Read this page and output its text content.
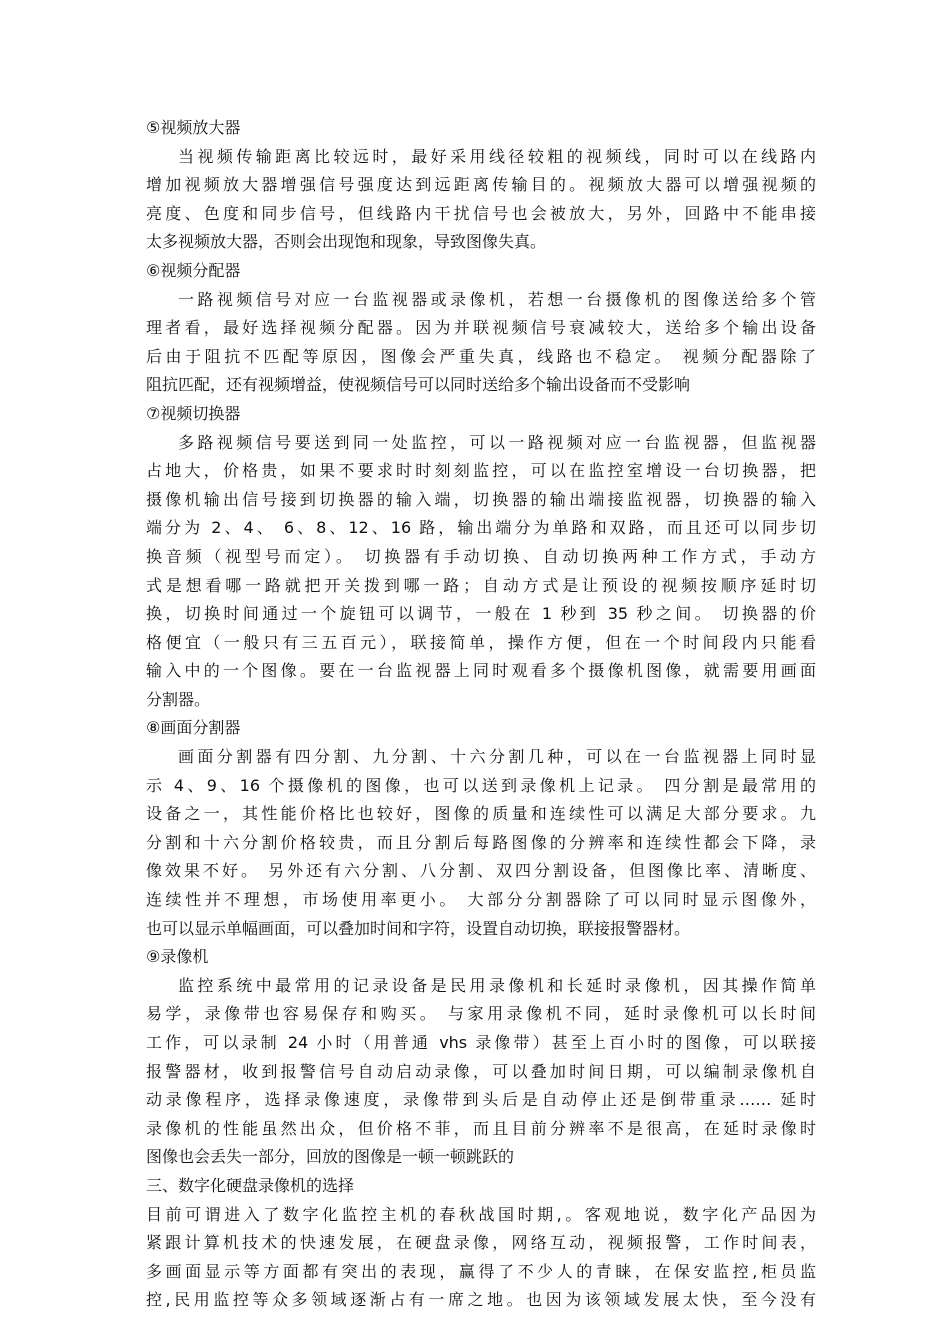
⑤视频放大器
当视频传输距离比较远时，最好采用线径较粗的视频线，同时可以在线路内
增加视频放大器增强信号强度达到远距离传输目的。视频放大器可以增强视频的
亮度、色度和同步信号，但线路内干扰信号也会被放大，另外，回路中不能串接
太多视频放大器，否则会出现饱和现象，导致图像失真。
⑥视频分配器
一路视频信号对应一台监视器或录像机，若想一台摄像机的图像送给多个管
理者看，最好选择视频分配器。因为并联视频信号衰减较大，送给多个输出设备
后由于阻抗不匹配等原因，图像会严重失真，线路也不稳定。 视频分配器除了
阻抗匹配，还有视频增益，使视频信号可以同时送给多个输出设备而不受影响
⑦视频切换器
多路视频信号要送到同一处监控，可以一路视频对应一台监视器，但监视器
占地大，价格贵，如果不要求时时刻刻监控，可以在监控室增设一台切换器，把
摄像机输出信号接到切换器的输入端，切换器的输出端接监视器，切换器的输入
端分为 2、4、 6、8、12、16 路，输出端分为单路和双路，而且还可以同步切
换音频（视型号而定）。 切换器有手动切换、自动切换两种工作方式，手动方
式是想看哪一路就把开关拨到哪一路；自动方式是让预设的视频按顺序延时切
换，切换时间通过一个旋钮可以调节，一般在 1 秒到 35 秒之间。 切换器的价
格便宜（一般只有三五百元），联接简单，操作方便，但在一个时间段内只能看
输入中的一个图像。要在一台监视器上同时观看多个摄像机图像，就需要用画面
分割器。
⑧画面分割器
画面分割器有四分割、九分割、十六分割几种，可以在一台监视器上同时显
示 4、9、16 个摄像机的图像，也可以送到录像机上记录。 四分割是最常用的
设备之一，其性能价格比也较好，图像的质量和连续性可以满足大部分要求。九
分割和十六分割价格较贵，而且分割后每路图像的分辨率和连续性都会下降，录
像效果不好。 另外还有六分割、八分割、双四分割设备，但图像比率、清晰度、
连续性并不理想，市场使用率更小。 大部分分割器除了可以同时显示图像外，
也可以显示单幅画面，可以叠加时间和字符，设置自动切换，联接报警器材。
⑨录像机
监控系统中最常用的记录设备是民用录像机和长延时录像机，因其操作简单
易学，录像带也容易保存和购买。 与家用录像机不同，延时录像机可以长时间
工作，可以录制 24 小时（用普通 vhs 录像带）甚至上百小时的图像，可以联接
报警器材，收到报警信号自动启动录像，可以叠加时间日期，可以编制录像机自
动录像程序，选择录像速度，录像带到头后是自动停止还是倒带重录…… 延时
录像机的性能虽然出众，但价格不菲，而且目前分辨率不是很高，在延时录像时
图像也会丢失一部分，回放的图像是一顿一顿跳跃的
三、数字化硬盘录像机的选择
目前可谓进入了数字化监控主机的春秋战国时期,。客观地说，数字化产品因为
紧跟计算机技术的快速发展，在硬盘录像，网络互动，视频报警，工作时间表，
多画面显示等方面都有突出的表现，赢得了不少人的青睐，在保安监控,柜员监
控,民用监控等众多领域逐渐占有一席之地。也因为该领域发展太快，至今没有
